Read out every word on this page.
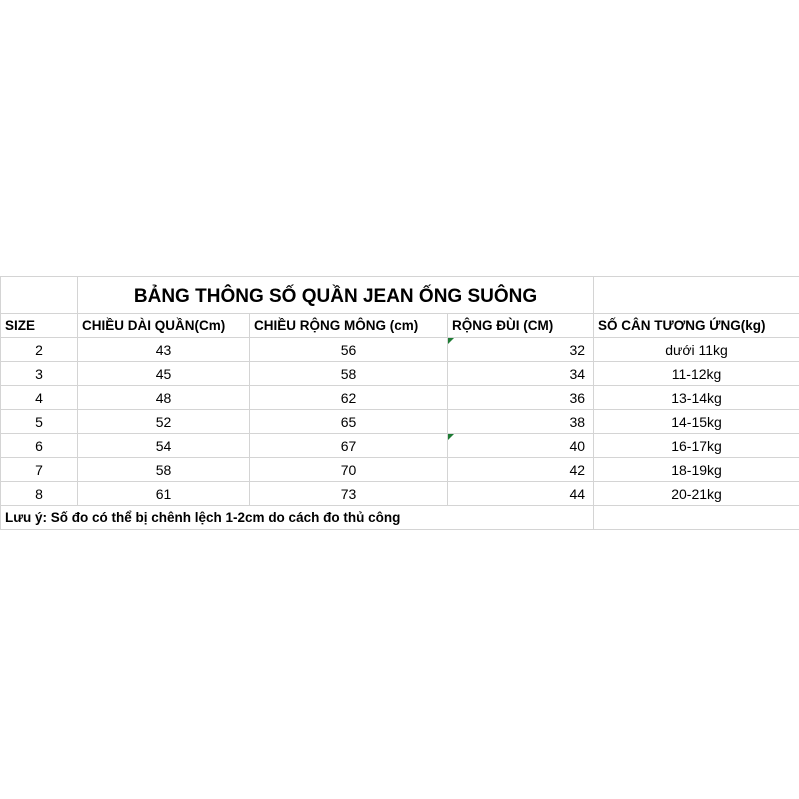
	BẢNG THÔNG SỐ QUẦN JEAN ỐNG SUÔNG			
SIZE	CHIỀU DÀI QUẦN(Cm)	CHIỀU RỘNG MÔNG (cm)	RỘNG ĐÙI (CM)	SỐ CÂN TƯƠNG ỨNG(kg)
2	43	56	32	dưới 11kg
3	45	58	34	11-12kg
4	48	62	36	13-14kg
5	52	65	38	14-15kg
6	54	67	40	16-17kg
7	58	70	42	18-19kg
8	61	73	44	20-21kg
Lưu ý: Số đo có thể bị chênh lệch 1-2cm do cách đo thủ công				
